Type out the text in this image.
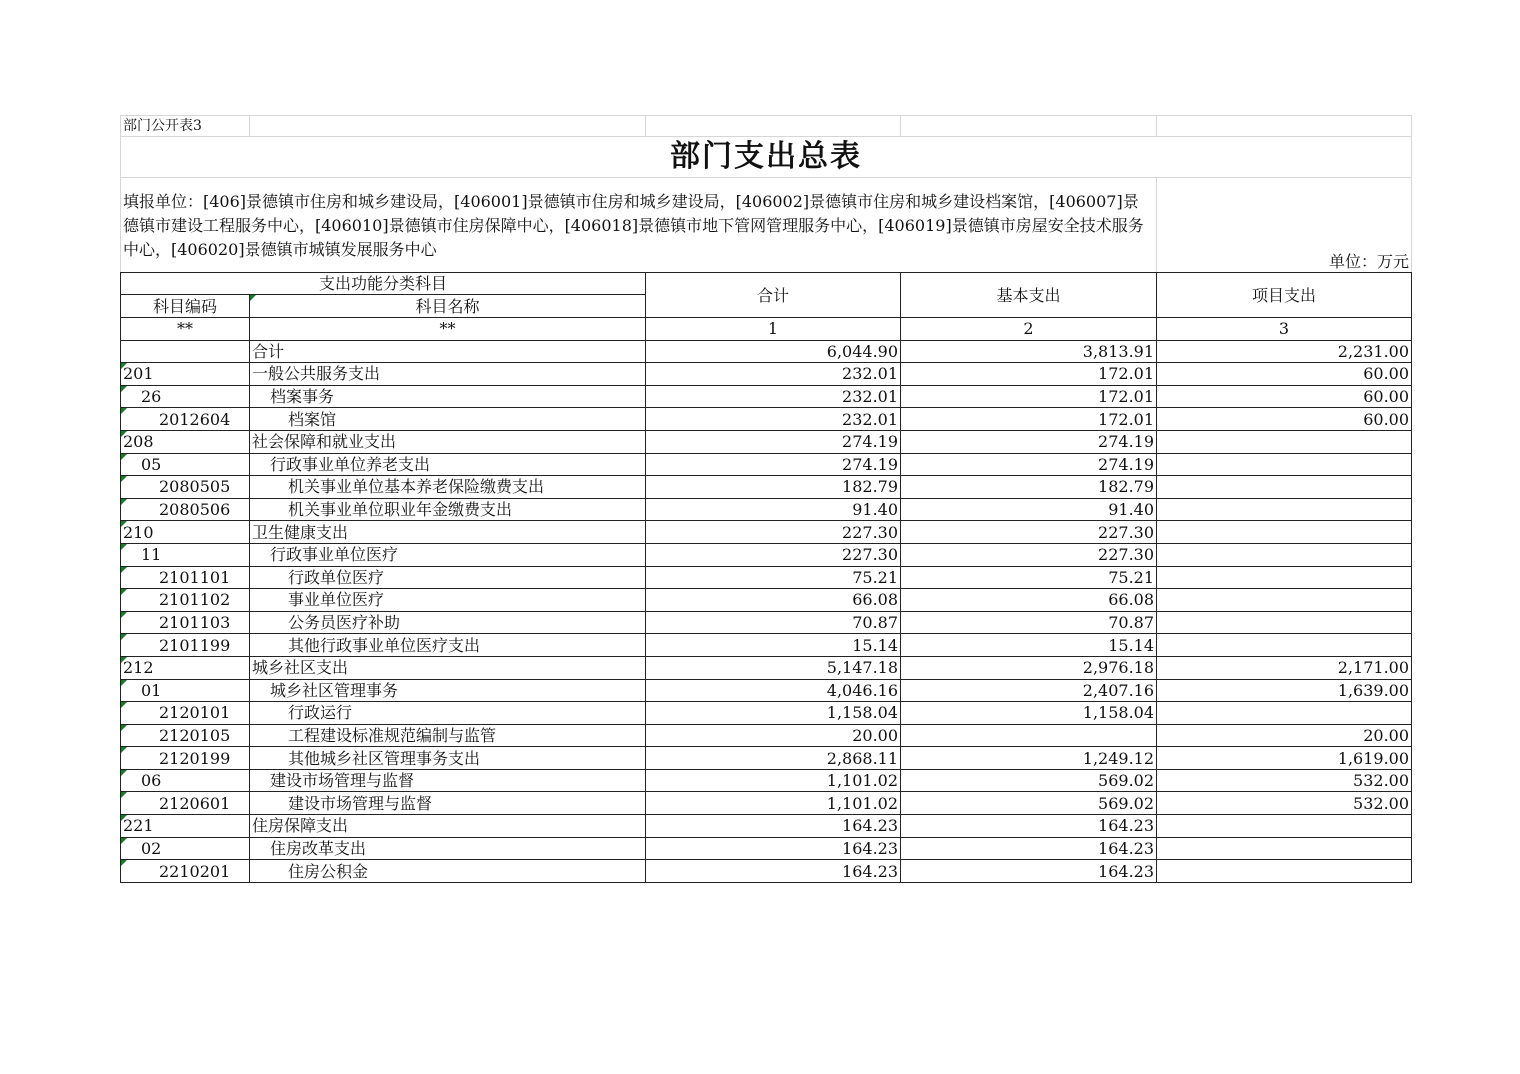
部门公开表3				
部门支出总表				
填报单位：[406]景德镇市住房和城乡建设局，[406001]景德镇市住房和城乡建设局，[406002]景德镇市住房和城乡建设档案馆，[406007]景德镇市建设工程服务中心，[406010]景德镇市住房保障中心，[406018]景德镇市地下管网管理服务中心，[406019]景德镇市房屋安全技术服务中心，[406020]景德镇市城镇发展服务中心				单位：万元
支出功能分类科目		合计	基本支出	项目支出
科目编码	科目名称			
**	**	1	2	3
	合计	6,044.90	3,813.91	2,231.00
201	一般公共服务支出	232.01	172.01	60.00
26	档案事务	232.01	172.01	60.00
2012604	档案馆	232.01	172.01	60.00
208	社会保障和就业支出	274.19	274.19	
05	行政事业单位养老支出	274.19	274.19	
2080505	机关事业单位基本养老保险缴费支出	182.79	182.79	
2080506	机关事业单位职业年金缴费支出	91.40	91.40	
210	卫生健康支出	227.30	227.30	
11	行政事业单位医疗	227.30	227.30	
2101101	行政单位医疗	75.21	75.21	
2101102	事业单位医疗	66.08	66.08	
2101103	公务员医疗补助	70.87	70.87	
2101199	其他行政事业单位医疗支出	15.14	15.14	
212	城乡社区支出	5,147.18	2,976.18	2,171.00
01	城乡社区管理事务	4,046.16	2,407.16	1,639.00
2120101	行政运行	1,158.04	1,158.04	
2120105	工程建设标准规范编制与监管	20.00		20.00
2120199	其他城乡社区管理事务支出	2,868.11	1,249.12	1,619.00
06	建设市场管理与监督	1,101.02	569.02	532.00
2120601	建设市场管理与监督	1,101.02	569.02	532.00
221	住房保障支出	164.23	164.23	
02	住房改革支出	164.23	164.23	
2210201	住房公积金	164.23	164.23	
